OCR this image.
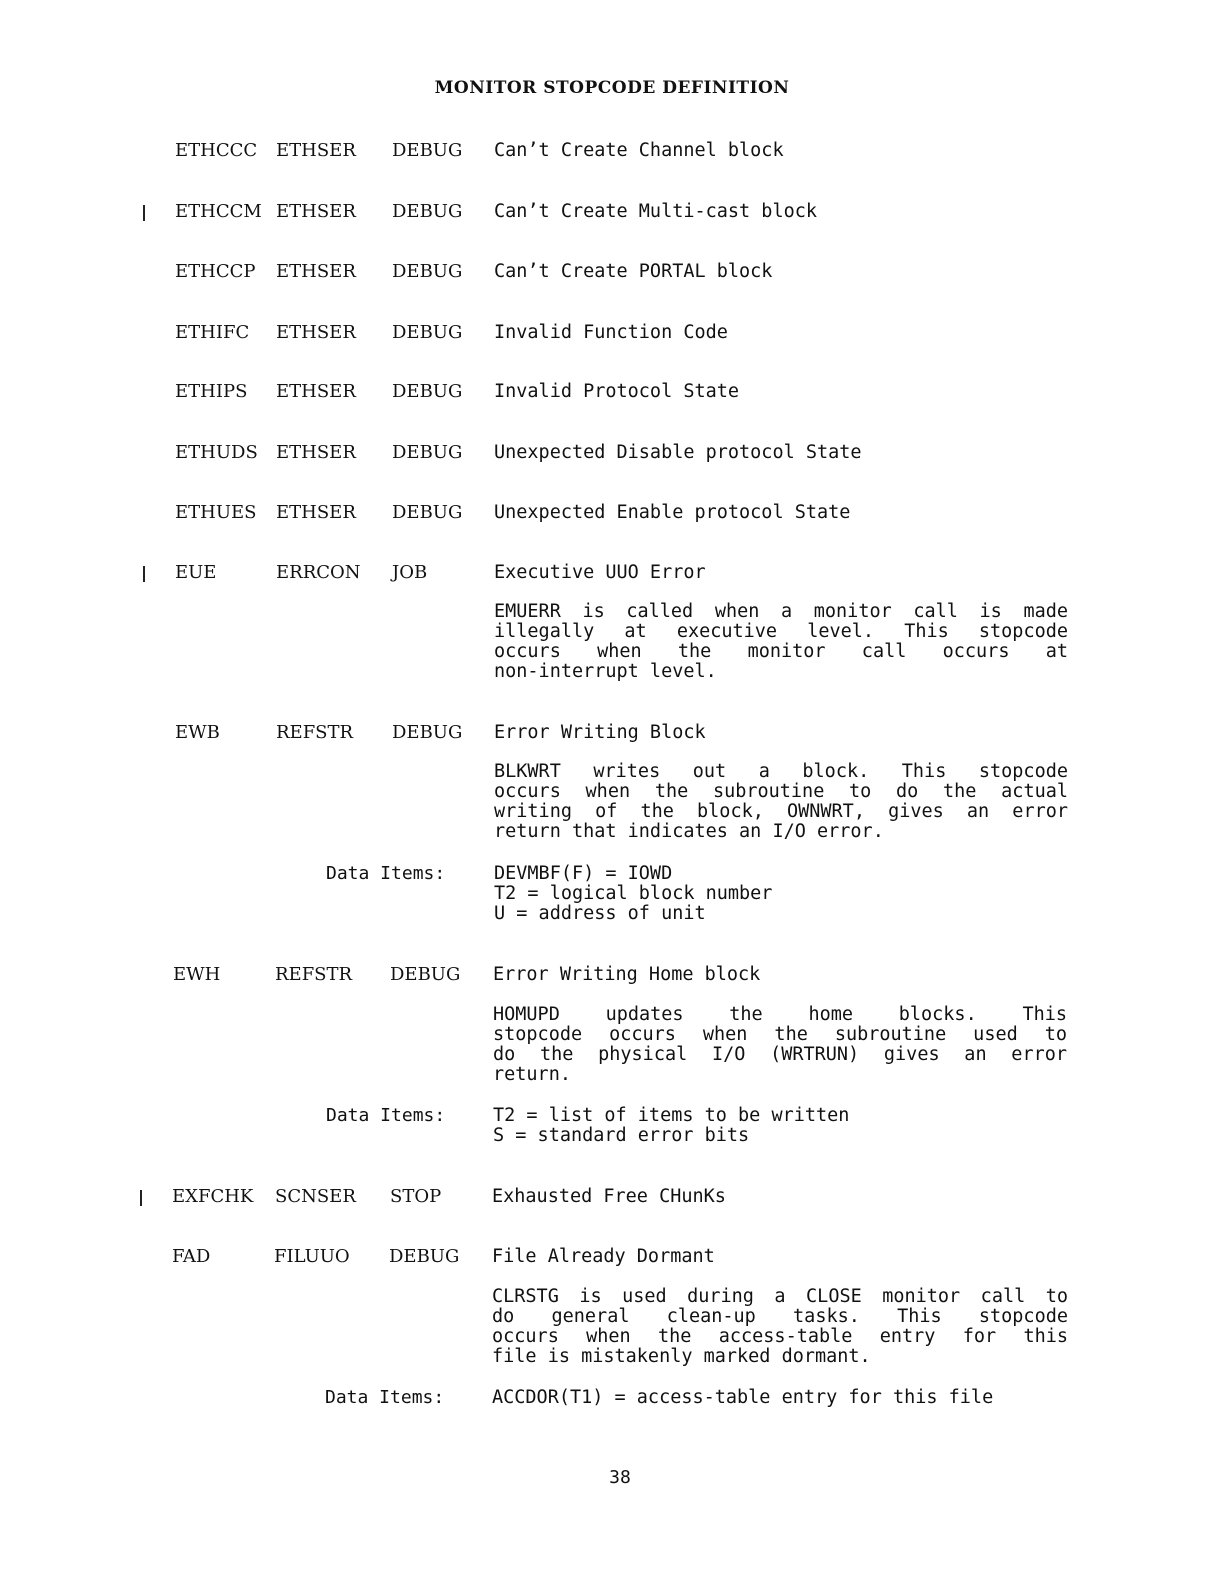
MONITOR STOPCODE DEFINITION
ETHCCC ETHSER DEBUG Can’t Create Channel block
ETHCCM ETHSER DEBUG Can’t Create Multi-cast block
ETHCCP ETHSER DEBUG Can’t Create PORTAL block
ETHIFC ETHSER DEBUG Invalid Function Code
ETHIPS ETHSER DEBUG Invalid Protocol State
ETHUDS ETHSER DEBUG Unexpected Disable protocol State
ETHUES ETHSER DEBUG Unexpected Enable protocol State
EUE	ERRCON JOB	Executive UUO Error
EMUERR is called when a monitor call is made
illegally at executive level. This stopcode
occurs when the monitor call occurs at
non-interrupt level.
EWB	REFSTR DEBUG Error Writing Block
BLKWRT writes out a block. This stopcode
occurs when the subroutine to do the actual
writing of the block, OWNWRT, gives an error
return that indicates an I/O error.
Data Items:	DEVMBF(F) = IOWD
T2 = logical block number
U = address of unit
EWH	REFSTR DEBUG Error Writing Home block
HOMUPD updates the home blocks. This
stopcode occurs when the subroutine used to
do the physical I/O (WRTRUN) gives an error
return.
Data Items:	T2 = list of items to be written
S = standard error bits
EXFCHK SCNSER STOP	Exhausted Free CHunKs
FAD	FILUUO DEBUG File Already Dormant
CLRSTG is used during a CLOSE monitor call to
do general clean-up tasks. This stopcode
occurs when the access-table entry for this
file is mistakenly marked dormant.
Data Items:	ACCDOR(T1) = access-table entry for this file
38
